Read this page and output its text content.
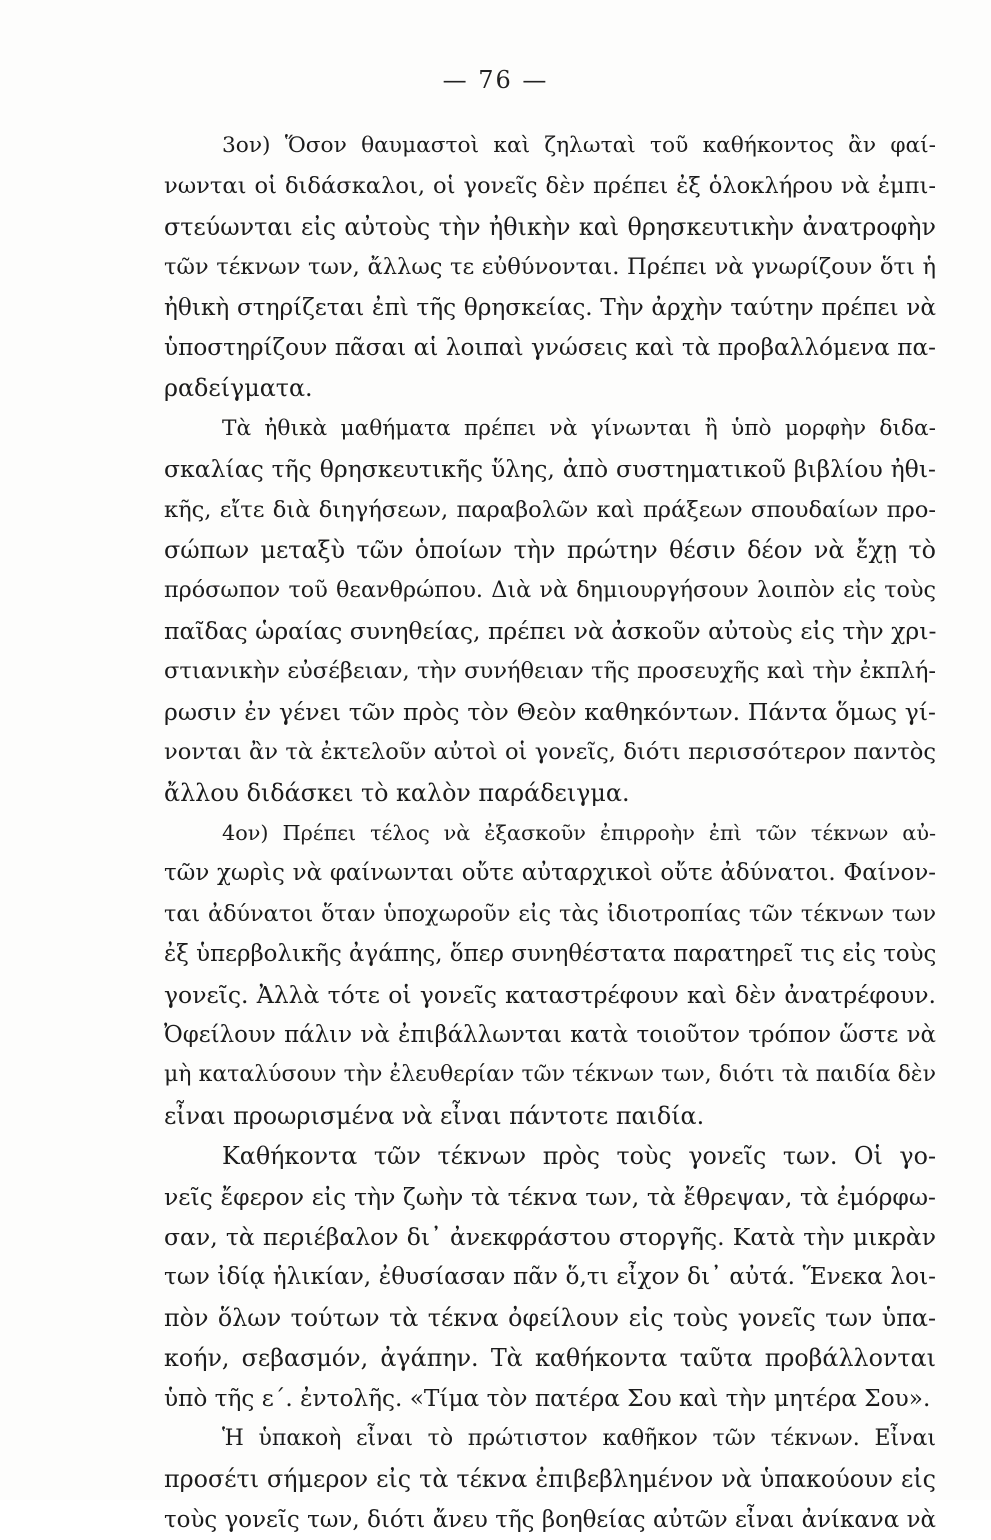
— 76 —
3ον) Ὅσον θαυμαστοὶ καὶ ζηλωταὶ τοῦ καθήκοντος ἂν φαί-
νωνται οἱ διδάσκαλοι, οἱ γονεῖς δὲν πρέπει ἐξ ὁλοκλήρου νὰ ἐμπι-
στεύωνται εἰς αὐτοὺς τὴν ἠθικὴν καὶ θρησκευτικὴν ἀνατροφὴν
τῶν τέκνων των, ἄλλως τε εὐθύνονται. Πρέπει νὰ γνωρίζουν ὅτι ἡ
ἠθικὴ στηρίζεται ἐπὶ τῆς θρησκείας. Τὴν ἀρχὴν ταύτην πρέπει νὰ
ὑποστηρίζουν πᾶσαι αἱ λοιπαὶ γνώσεις καὶ τὰ προβαλλόμενα πα-
ραδείγματα.
Τὰ ἠθικὰ μαθήματα πρέπει νὰ γίνωνται ἢ ὑπὸ μορφὴν διδα-
σκαλίας τῆς θρησκευτικῆς ὕλης, ἀπὸ συστηματικοῦ βιβλίου ἠθι-
κῆς, εἴτε διὰ διηγήσεων, παραβολῶν καὶ πράξεων σπουδαίων προ-
σώπων μεταξὺ τῶν ὁποίων τὴν πρώτην θέσιν δέον νὰ ἔχῃ τὸ
πρόσωπον τοῦ θεανθρώπου. Διὰ νὰ δημιουργήσουν λοιπὸν εἰς τοὺς
παῖδας ὡραίας συνηθείας, πρέπει νὰ ἀσκοῦν αὐτοὺς εἰς τὴν χρι-
στιανικὴν εὐσέβειαν, τὴν συνήθειαν τῆς προσευχῆς καὶ τὴν ἐκπλή-
ρωσιν ἐν γένει τῶν πρὸς τὸν Θεὸν καθηκόντων. Πάντα ὅμως γί-
νονται ἂν τὰ ἐκτελοῦν αὐτοὶ οἱ γονεῖς, διότι περισσότερον παντὸς
ἄλλου διδάσκει τὸ καλὸν παράδειγμα.
4ον) Πρέπει τέλος νὰ ἐξασκοῦν ἐπιρροὴν ἐπὶ τῶν τέκνων αὐ-
τῶν χωρὶς νὰ φαίνωνται οὔτε αὐταρχικοὶ οὔτε ἀδύνατοι. Φαίνον-
ται ἀδύνατοι ὅταν ὑποχωροῦν εἰς τὰς ἰδιοτροπίας τῶν τέκνων των
ἐξ ὑπερβολικῆς ἀγάπης, ὅπερ συνηθέστατα παρατηρεῖ τις εἰς τοὺς
γονεῖς. Ἀλλὰ τότε οἱ γονεῖς καταστρέφουν καὶ δὲν ἀνατρέφουν.
Ὀφείλουν πάλιν νὰ ἐπιβάλλωνται κατὰ τοιοῦτον τρόπον ὥστε νὰ
μὴ καταλύσουν τὴν ἐλευθερίαν τῶν τέκνων των, διότι τὰ παιδία δὲν
εἶναι προωρισμένα νὰ εἶναι πάντοτε παιδία.
Καθήκοντα τῶν τέκνων πρὸς τοὺς γονεῖς των. Οἱ γο-
νεῖς ἔφερον εἰς τὴν ζωὴν τὰ τέκνα των, τὰ ἔθρεψαν, τὰ ἐμόρφω-
σαν, τὰ περιέβαλον δι᾿ ἀνεκφράστου στοργῆς. Κατὰ τὴν μικρὰν
των ἰδίᾳ ἡλικίαν, ἐθυσίασαν πᾶν ὅ,τι εἶχον δι᾿ αὐτά. Ἕνεκα λοι-
πὸν ὅλων τούτων τὰ τέκνα ὀφείλουν εἰς τοὺς γονεῖς των ὑπα-
κοήν, σεβασμόν, ἀγάπην. Τὰ καθήκοντα ταῦτα προβάλλονται
ὑπὸ τῆς ε΄. ἐντολῆς. «Τίμα τὸν πατέρα Σου καὶ τὴν μητέρα Σου».
Ἡ ὑπακοὴ εἶναι τὸ πρώτιστον καθῆκον τῶν τέκνων. Εἶναι
προσέτι σήμερον εἰς τὰ τέκνα ἐπιβεβλημένον νὰ ὑπακούουν εἰς
τοὺς γονεῖς των, διότι ἄνευ τῆς βοηθείας αὐτῶν εἶναι ἀνίκανα νὰ
